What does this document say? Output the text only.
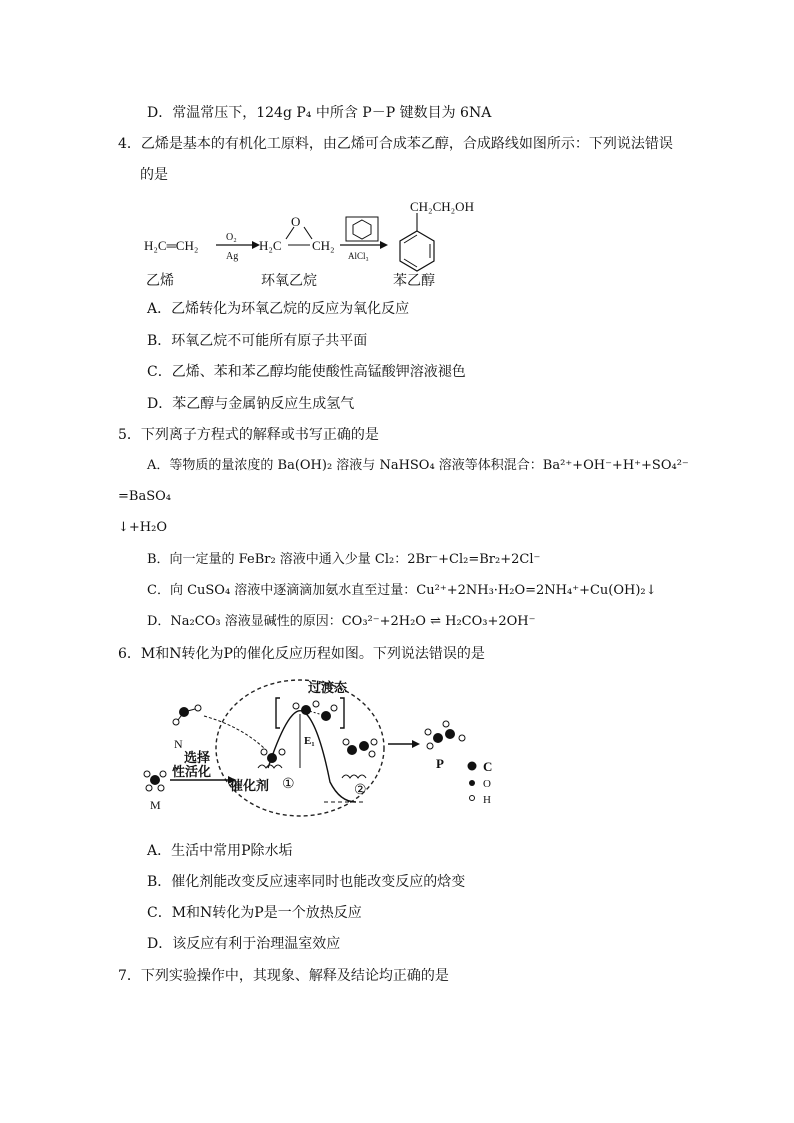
D．常温常压下，124g P₄ 中所含 P－P 键数目为 6NA
4．乙烯是基本的有机化工原料，由乙烯可合成苯乙醇，合成路线如图所示：下列说法错误
的是
H₂C═CH₂
O₂
Ag
H₂C CH₂
O
AlCl₃
CH₂CH₂OH
乙烯	环氧乙烷	苯乙醇
A．乙烯转化为环氧乙烷的反应为氧化反应
B．环氧乙烷不可能所有原子共平面
C．乙烯、苯和苯乙醇均能使酸性高锰酸钾溶液褪色
D．苯乙醇与金属钠反应生成氢气
5．下列离子方程式的解释或书写正确的是
A．等物质的量浓度的 Ba(OH)₂ 溶液与 NaHSO₄ 溶液等体积混合：Ba²⁺+OH⁻+H⁺+SO₄²⁻
=BaSO₄
↓+H₂O
B．向一定量的 FeBr₂ 溶液中通入少量 Cl₂：2Br⁻+Cl₂=Br₂+2Cl⁻
C．向 CuSO₄ 溶液中逐滴滴加氨水直至过量：Cu²⁺+2NH₃·H₂O=2NH₄⁺+Cu(OH)₂↓
D．Na₂CO₃ 溶液显碱性的原因：CO₃²⁻+2H₂O ⇌ H₂CO₃+2OH⁻
6．M和N转化为P的催化反应历程如图。下列说法错误的是
N
M
选择
性活化
催化剂 ①
过渡态
E₁
②
P	C
O
H
A．生活中常用P除水垢
B．催化剂能改变反应速率同时也能改变反应的焓变
C．M和N转化为P是一个放热反应
D．该反应有利于治理温室效应
7．下列实验操作中，其现象、解释及结论均正确的是
